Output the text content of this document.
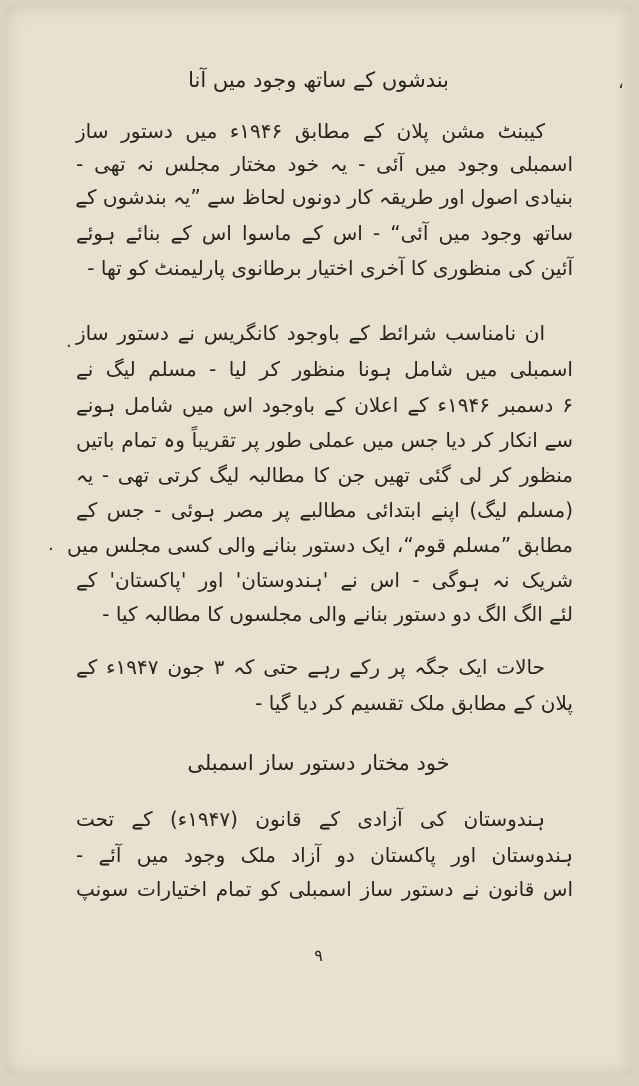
بندشوں کے ساتھ وجود میں آنا
کیبنٹ مشن پلان کے مطابق ۱۹۴۶ء میں دستور ساز
اسمبلی وجود میں آئی - یہ خود مختار مجلس نہ تھی -
بنیادی اصول اور طریقہ کار دونوں لحاظ سے ”یہ بندشوں کے
ساتھ وجود میں آئی“ - اس کے ماسوا اس کے بنائے ہوئے
آئین کی منظوری کا آخری اختیار برطانوی پارلیمنٹ کو تھا -
ان نامناسب شرائط کے باوجود کانگریس نے دستور ساز
اسمبلی میں شامل ہونا منظور کر لیا - مسلم لیگ نے
۶ دسمبر ۱۹۴۶ء کے اعلان کے باوجود اس میں شامل ہونے
سے انکار کر دیا جس میں عملی طور پر تقریباً وہ تمام باتیں
منظور کر لی گئی تھیں جن کا مطالبہ لیگ کرتی تھی - یہ
(مسلم لیگ) اپنے ابتدائی مطالبے پر مصر ہوئی - جس کے
مطابق ”مسلم قوم“، ایک دستور بنانے والی کسی مجلس میں
شریک نہ ہوگی - اس نے 'ہندوستان' اور 'پاکستان' کے
لئے الگ الگ دو دستور بنانے والی مجلسوں کا مطالبہ کیا -
حالات ایک جگہ پر رکے رہے حتی کہ ۳ جون ۱۹۴۷ء کے
پلان کے مطابق ملک تقسیم کر دیا گیا -
خود مختار دستور ساز اسمبلی
ہندوستان کی آزادی کے قانون (۱۹۴۷ء) کے تحت
ہندوستان اور پاکستان دو آزاد ملک وجود میں آئے -
اس قانون نے دستور ساز اسمبلی کو تمام اختیارات سونپ
۹
،
.
.
